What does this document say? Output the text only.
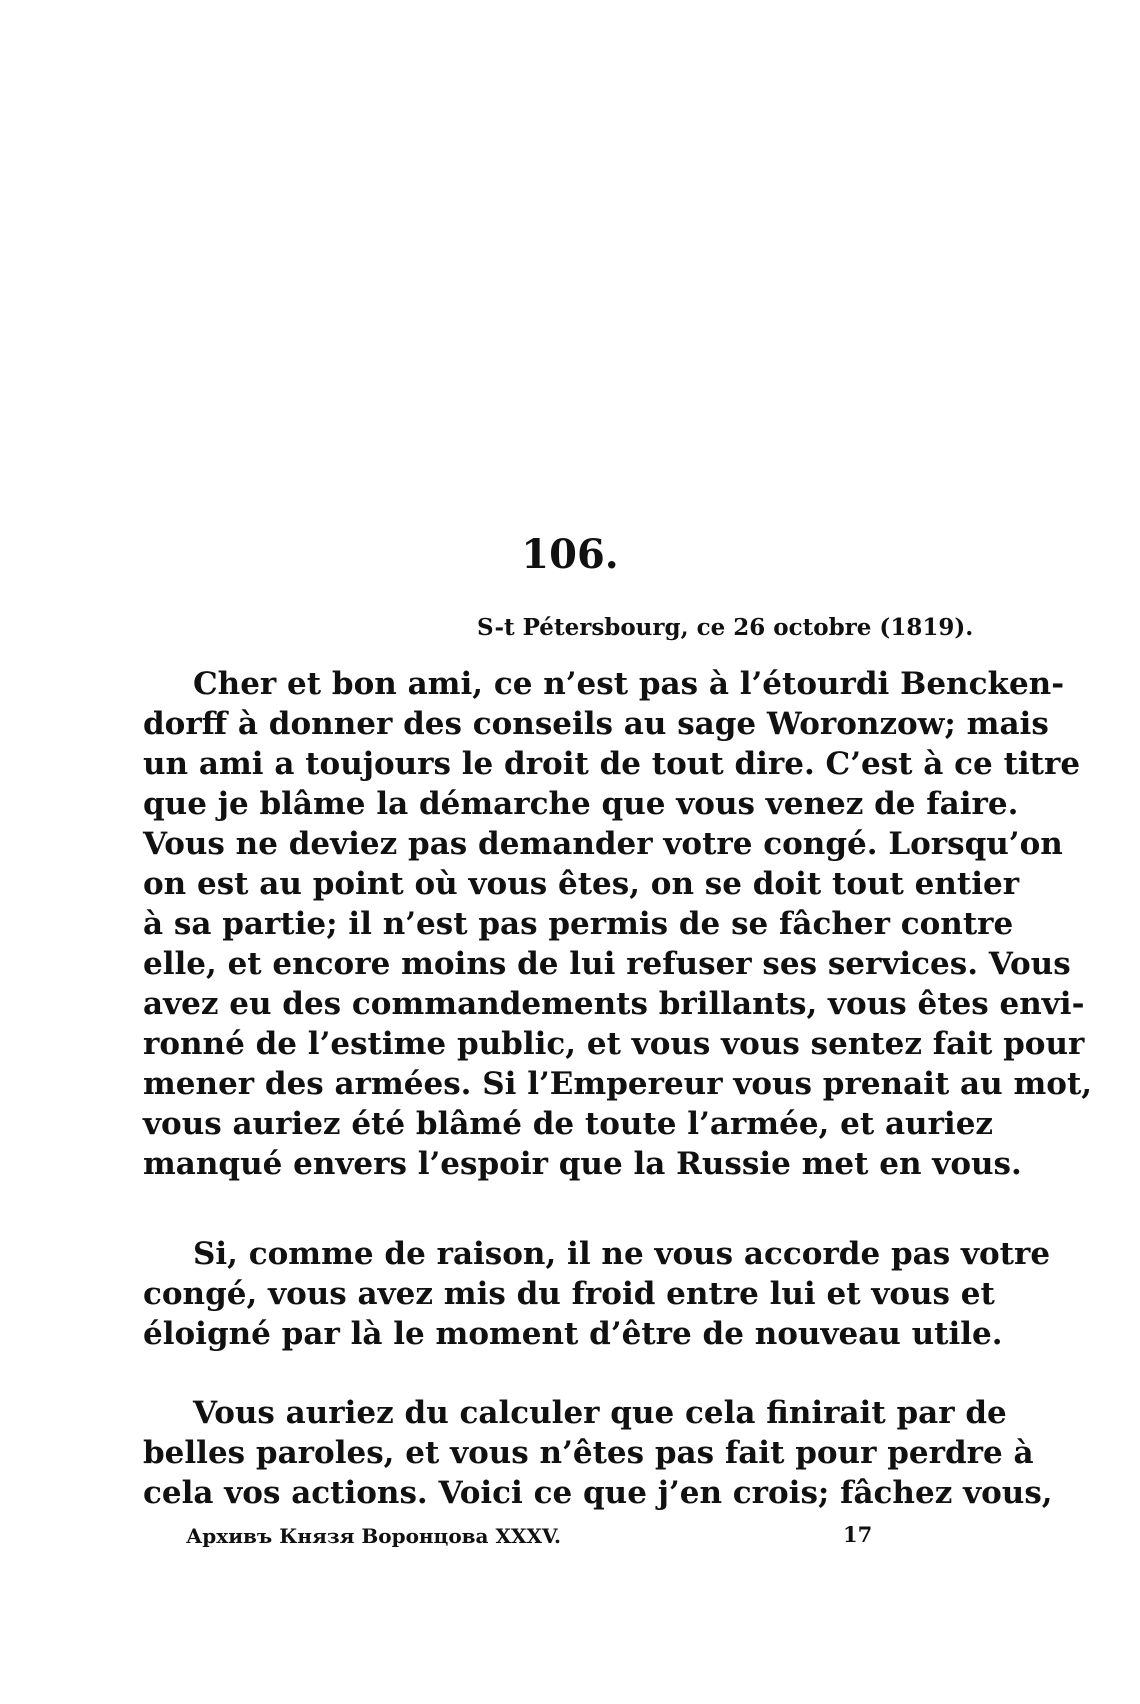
106.
S-t Pétersbourg, ce 26 octobre (1819).
Cher et bon ami, ce n’est pas à l’étourdi Bencken-
dorff à donner des conseils au sage Woronzow; mais
un ami a toujours le droit de tout dire. C’est à ce titre
que je blâme la démarche que vous venez de faire.
Vous ne deviez pas demander votre congé. Lorsqu’on
on est au point où vous êtes, on se doit tout entier
à sa partie; il n’est pas permis de se fâcher contre
elle, et encore moins de lui refuser ses services. Vous
avez eu des commandements brillants, vous êtes envi-
ronné de l’estime public, et vous vous sentez fait pour
mener des armées. Si l’Empereur vous prenait au mot,
vous auriez été blâmé de toute l’armée, et auriez
manqué envers l’espoir que la Russie met en vous.
Si, comme de raison, il ne vous accorde pas votre
congé, vous avez mis du froid entre lui et vous et
éloigné par là le moment d’être de nouveau utile.
Vous auriez du calculer que cela finirait par de
belles paroles, et vous n’êtes pas fait pour perdre à
cela vos actions. Voici ce que j’en crois; fâchez vous,
Архивъ Князя Воронцова XXXV.	17
